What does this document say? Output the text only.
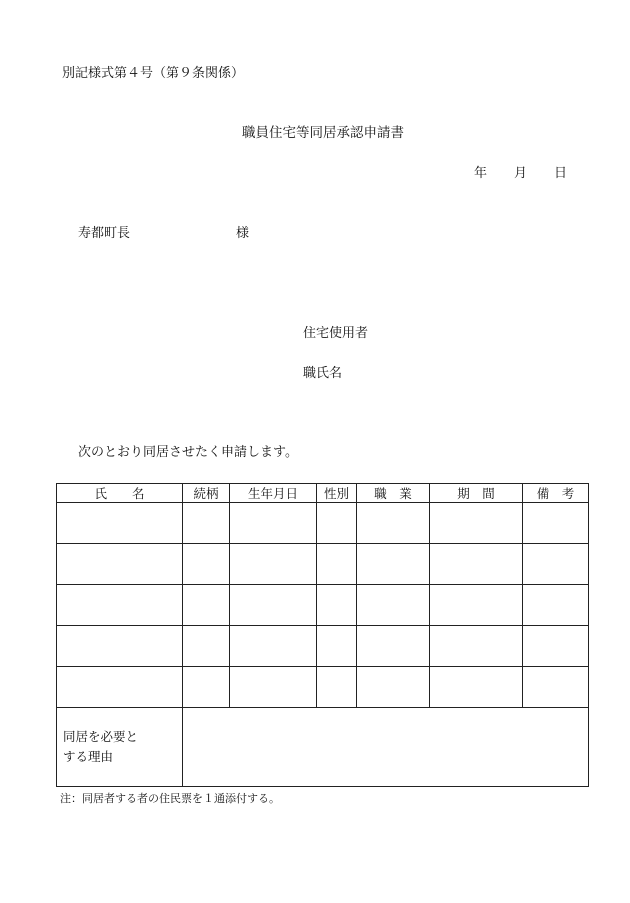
別記様式第４号（第９条関係）
職員住宅等同居承認申請書
年 月 日
寿都町長	様
住宅使用者
職氏名
次のとおり同居させたく申請します。
氏　　名	続柄	生年月日	性別	職　業	期　間	備　考

同居を必要と
する理由						
注：同居者する者の住民票を１通添付する。
